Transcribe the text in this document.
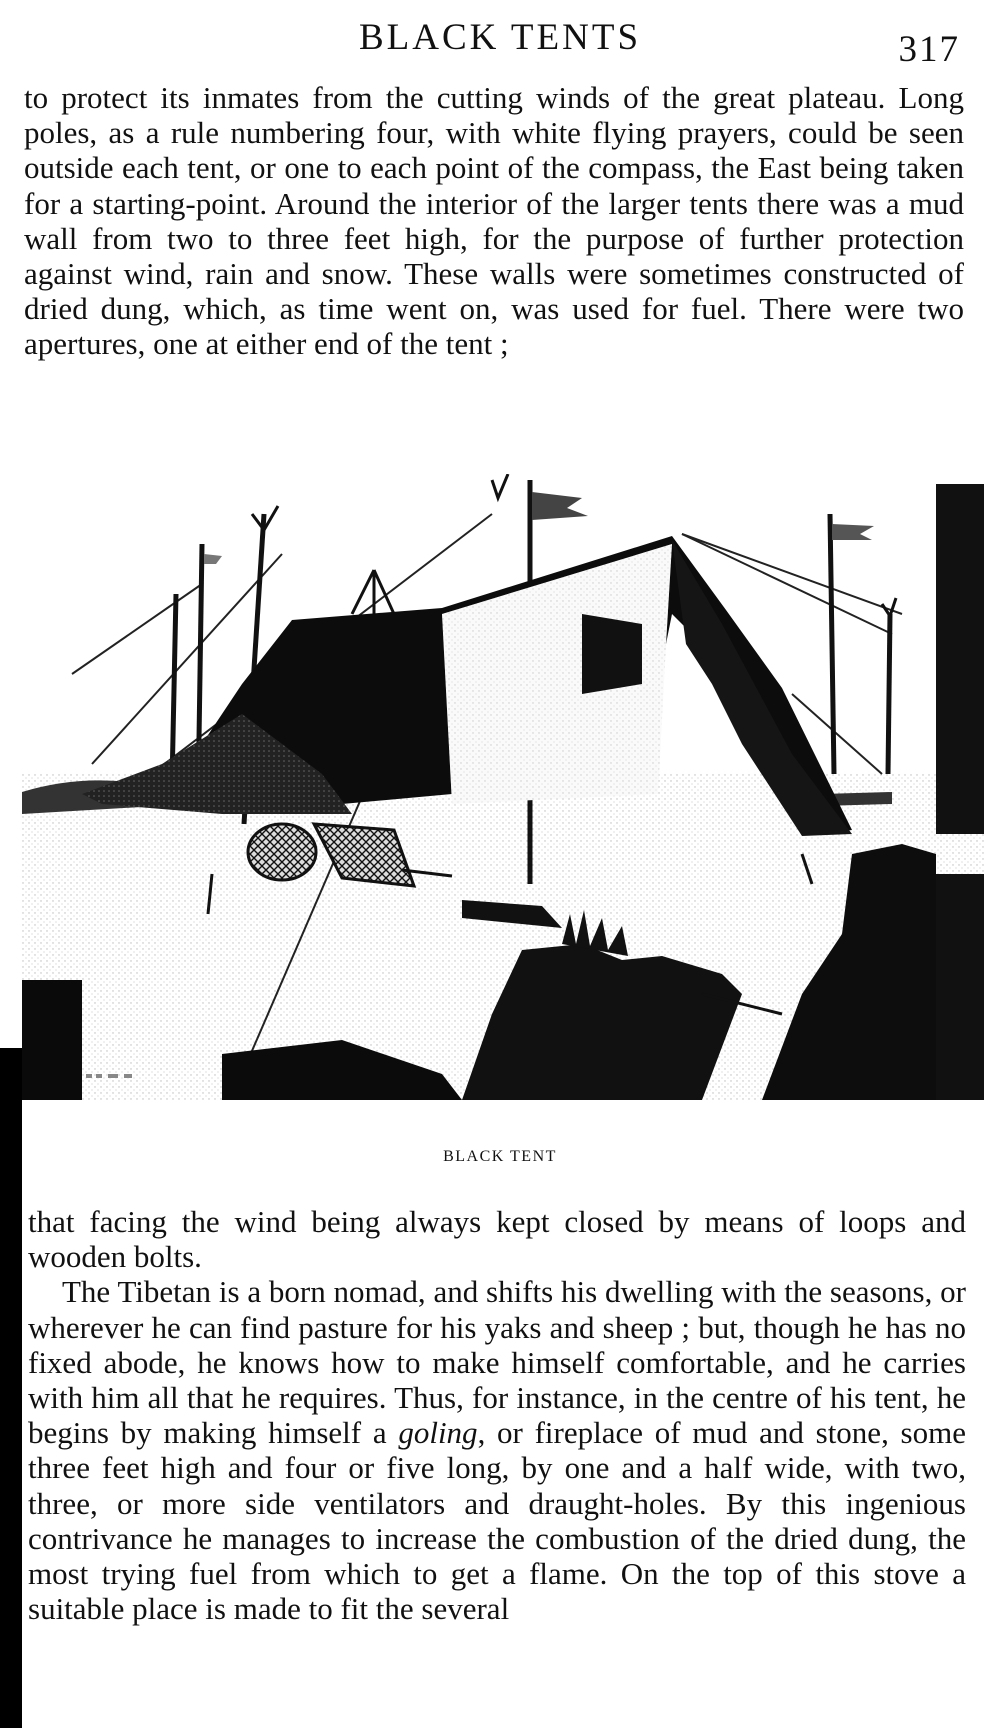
BLACK TENTS	317

to protect its inmates from the cutting winds of the great plateau. Long poles, as a rule numbering four, with white flying prayers, could be seen outside each tent, or one to each point of the compass, the East being taken for a starting-point. Around the interior of the larger tents there was a mud wall from two to three feet high, for the purpose of further protection against wind, rain and snow. These walls were sometimes constructed of dried dung, which, as time went on, was used for fuel. There were two apertures, one at either end of the tent ;

BLACK TENT

that facing the wind being always kept closed by means of loops and wooden bolts.

The Tibetan is a born nomad, and shifts his dwelling with the seasons, or wherever he can find pasture for his yaks and sheep ; but, though he has no fixed abode, he knows how to make himself comfortable, and he carries with him all that he requires. Thus, for instance, in the centre of his tent, he begins by making himself a goling, or fireplace of mud and stone, some three feet high and four or five long, by one and a half wide, with two, three, or more side ventilators and draught-holes. By this ingenious contrivance he manages to increase the combustion of the dried dung, the most trying fuel from which to get a flame. On the top of this stove a suitable place is made to fit the several
